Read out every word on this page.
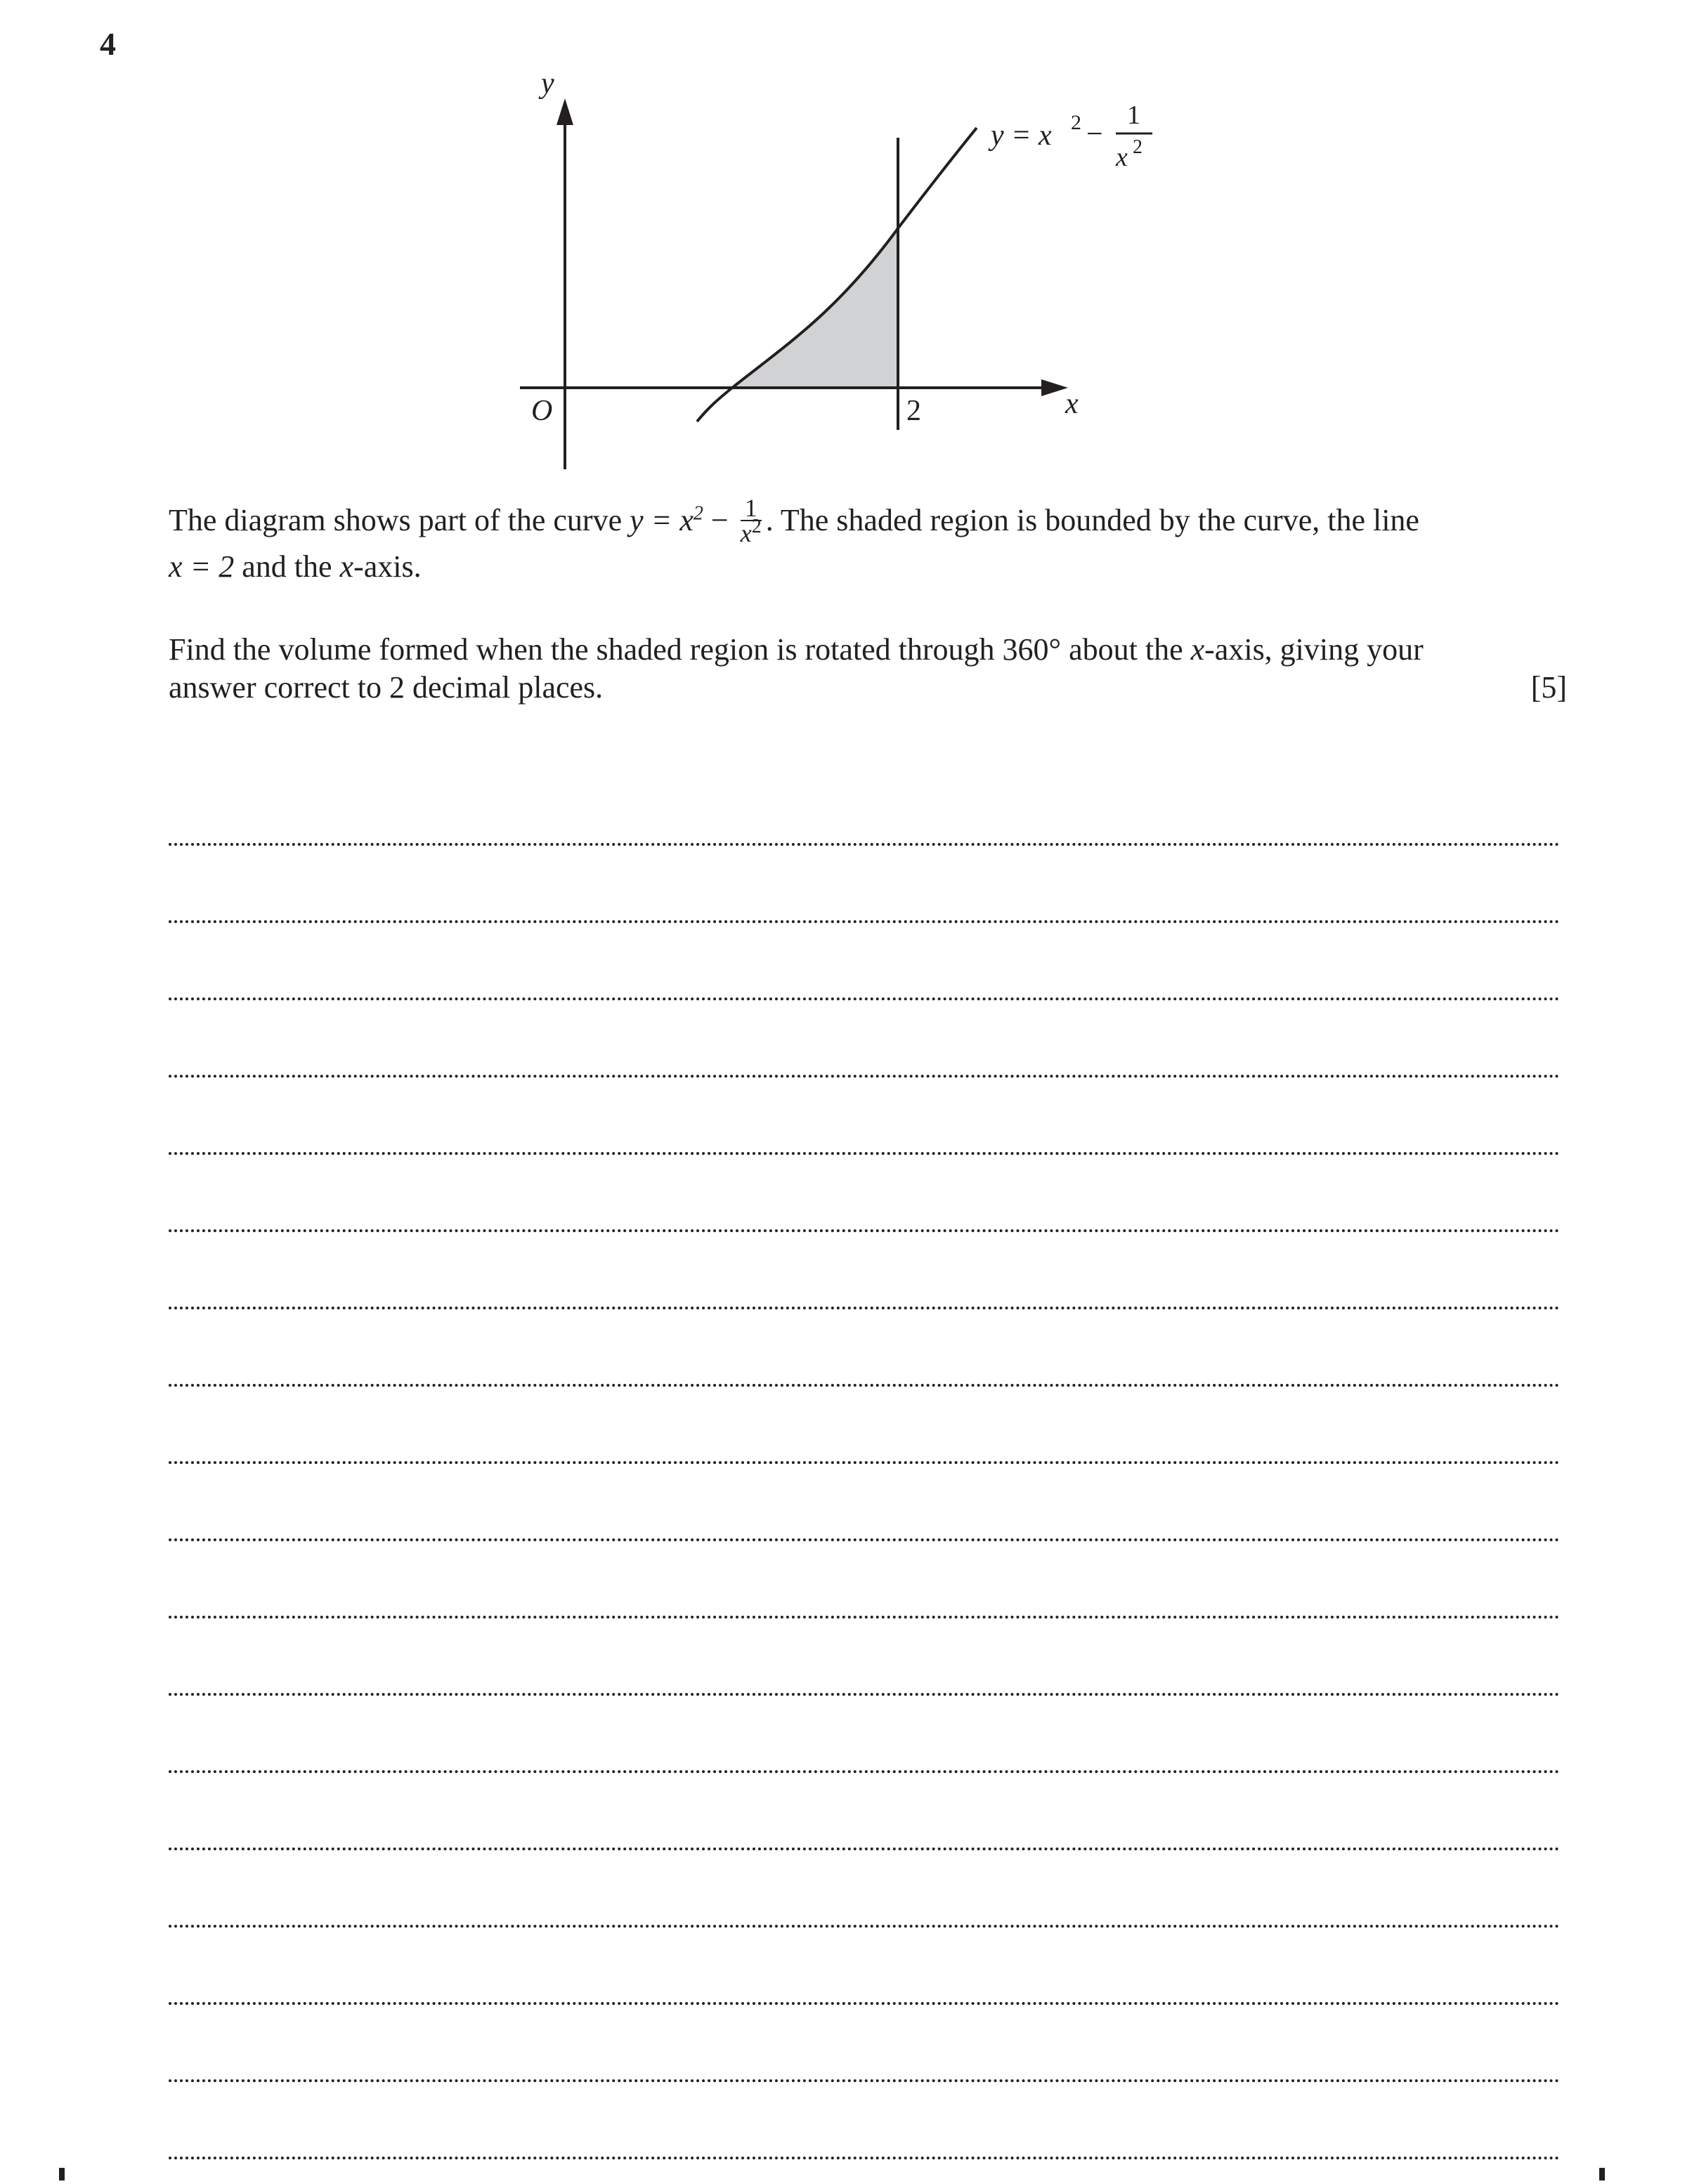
4
y
x
O	2
y = x 2 −
1
x 2
The diagram shows part of the curve $y = x^2 - \frac{1}{x^2}$ . The shaded region is bounded by the curve, the line
x = 2 and the x -axis.
Find the volume formed when the shaded region is rotated through 360° about the x-axis, giving your
answer correct to 2 decimal places.	[5]
